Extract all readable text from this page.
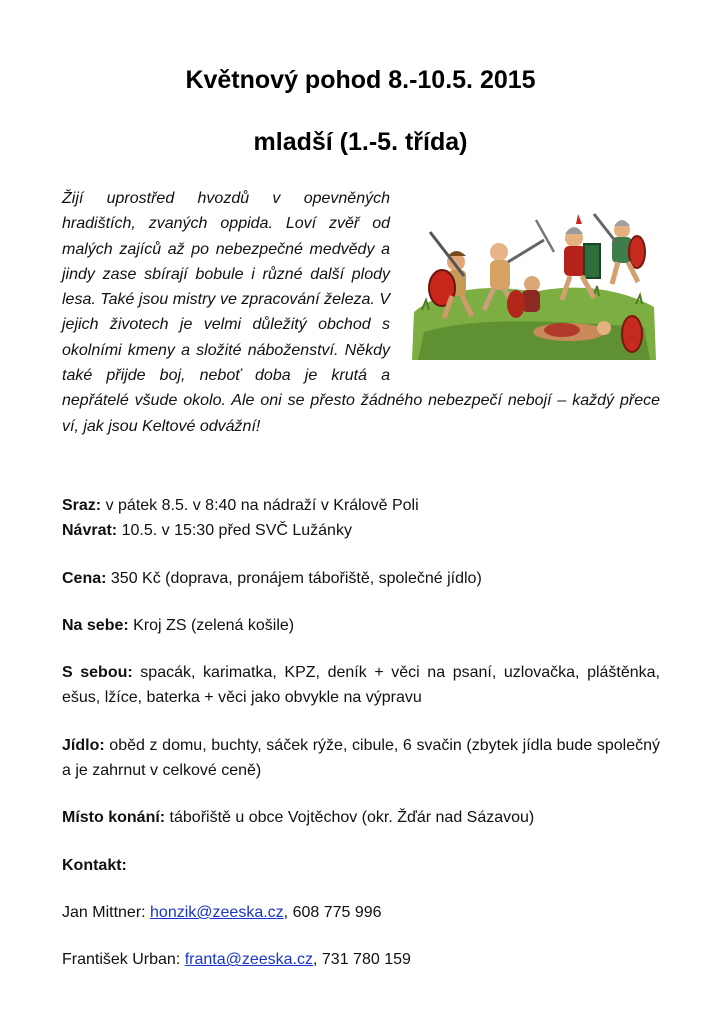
Květnový pohod 8.-10.5. 2015
mladší (1.-5. třída)
Žijí uprostřed hvozdů v opevněných hradištích, zvaných oppida. Loví zvěř od malých zajíců až po nebezpečné medvědy a jindy zase sbírají bobule i různé další plody lesa. Také jsou mistry ve zpracování železa. V jejich životech je velmi důležitý obchod s okolními kmeny a složité náboženství. Někdy také přijde boj, neboť doba je krutá a nepřátelé všude okolo. Ale oni se přesto žádného nebezpečí nebojí – každý přece ví, jak jsou Keltové odvážní!

Sraz: v pátek 8.5. v 8:40 na nádraží v Králově Poli

Návrat: 10.5. v 15:30 před SVČ Lužánky

Cena: 350 Kč (doprava, pronájem tábořiště, společné jídlo)

Na sebe: Kroj ZS (zelená košile)

S sebou: spacák, karimatka, KPZ, deník + věci na psaní, uzlovačka, pláštěnka, ešus, lžíce, baterka + věci jako obvykle na výpravu

Jídlo: oběd z domu, buchty, sáček rýže, cibule, 6 svačin (zbytek jídla bude společný a je zahrnut v celkové ceně)

Místo konání: tábořiště u obce Vojtěchov (okr. Žďár nad Sázavou)

Kontakt:

Jan Mittner: honzik@zeeska.cz, 608 775 996

František Urban: franta@zeeska.cz, 731 780 159
